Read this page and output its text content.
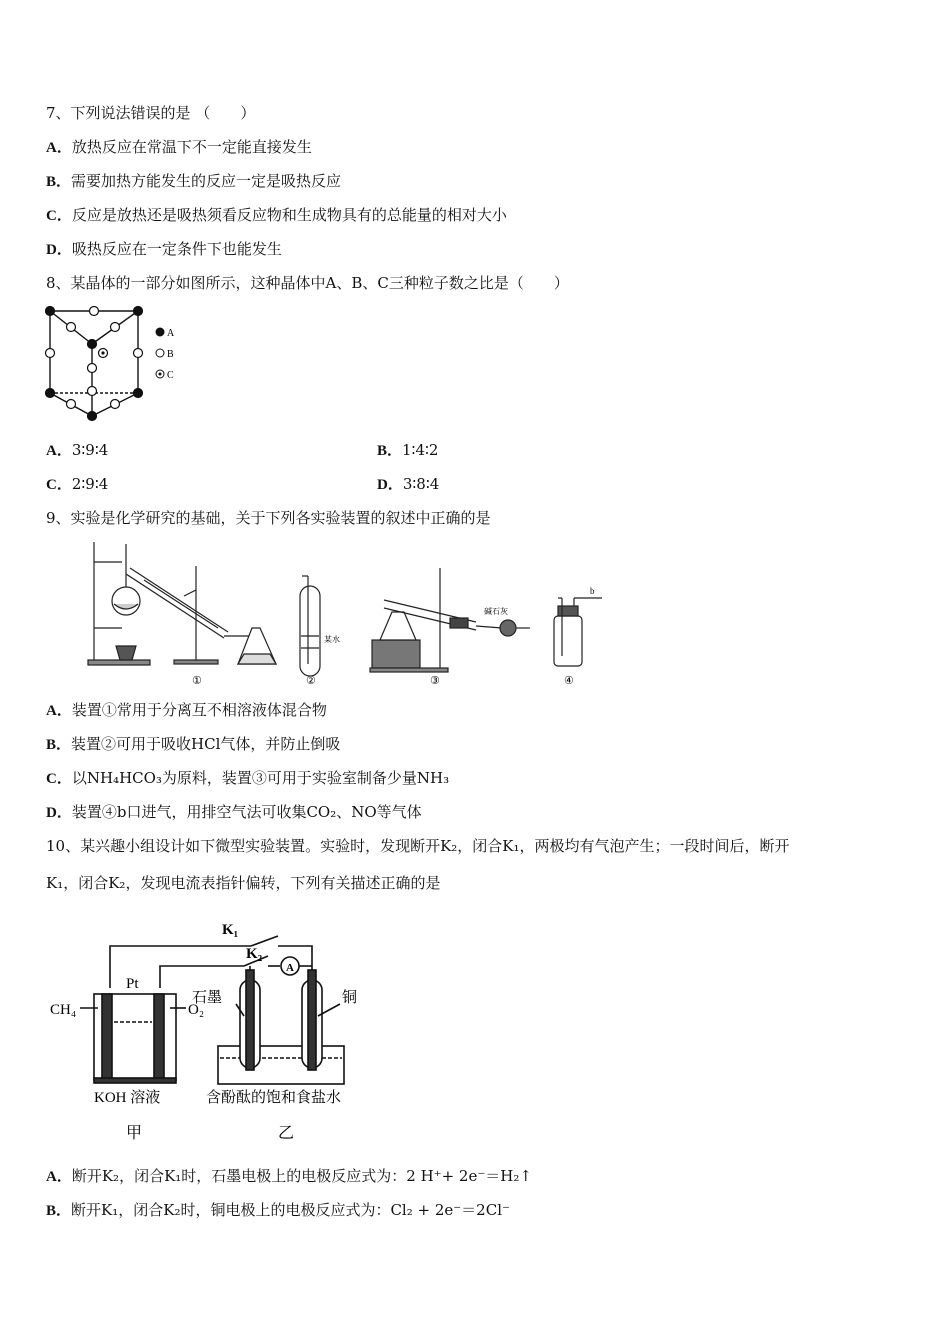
7、下列说法错误的是 （　　）
A．放热反应在常温下不一定能直接发生
B．需要加热方能发生的反应一定是吸热反应
C．反应是放热还是吸热须看反应物和生成物具有的总能量的相对大小
D．吸热反应在一定条件下也能发生
8、某晶体的一部分如图所示，这种晶体中A、B、C三种粒子数之比是（　　）
A
B
C
A．3∶9∶4	B．1∶4∶2
C．2∶9∶4	D．3∶8∶4
9、实验是化学研究的基础，关于下列各实验装置的叙述中正确的是
b
碱石灰
某水
①	②	③	④
A．装置①常用于分离互不相溶液体混合物
B．装置②可用于吸收HCl气体，并防止倒吸
C．以NH₄HCO₃为原料，装置③可用于实验室制备少量NH₃
D．装置④b口进气，用排空气法可收集CO₂、NO等气体
10、某兴趣小组设计如下微型实验装置。实验时，发现断开K₂，闭合K₁，两极均有气泡产生；一段时间后，断开
K₁，闭合K₂，发现电流表指针偏转，下列有关描述正确的是
K₁
K₂
A
Pt
CH₄	O₂
石墨	铜
KOH 溶液	含酚酞的饱和食盐水
甲	乙
A．断开K₂，闭合K₁时，石墨电极上的电极反应式为：2 H⁺+ 2e⁻＝H₂↑
B．断开K₁，闭合K₂时，铜电极上的电极反应式为：Cl₂ + 2e⁻＝2Cl⁻
